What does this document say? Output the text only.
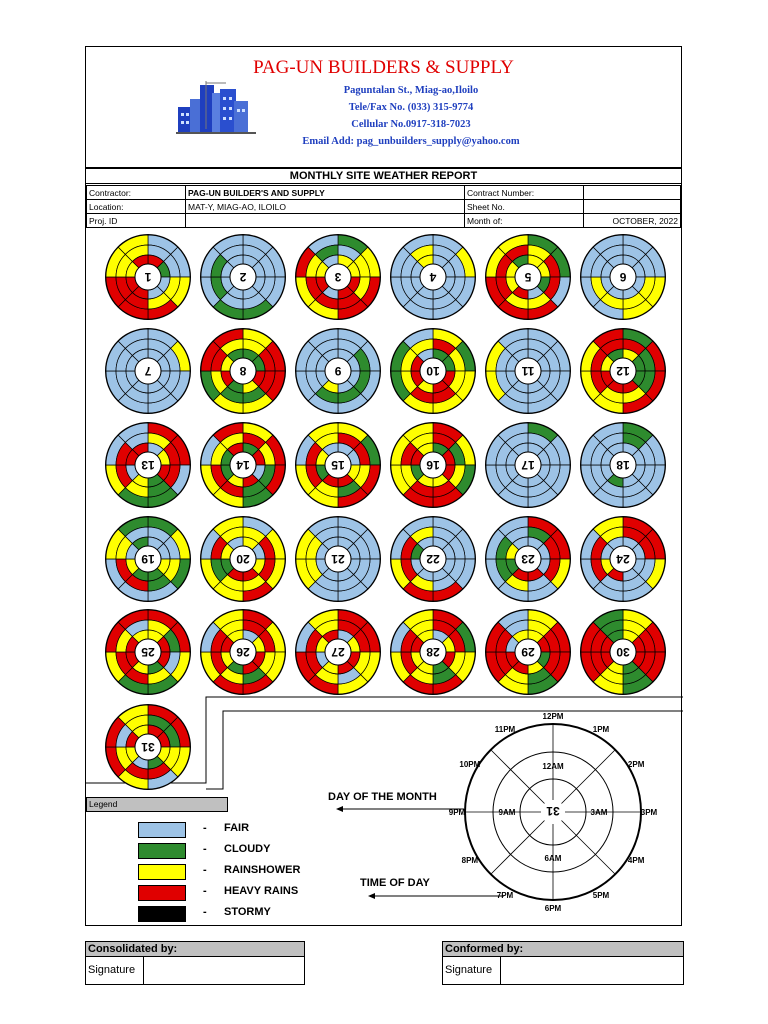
PAG-UN BUILDERS & SUPPLY
Paguntalan St., Miag-ao,Iloilo
Tele/Fax No. (033) 315-9774
Cellular No.0917-318-7023
Email Add: pag_unbuilders_supply@yahoo.com
MONTHLY SITE WEATHER REPORT
Contractor:	PAG-UN BUILDER'S AND SUPPLY	Contract Number:	
Location:	MAT-Y, MIAG-AO, ILOILO	Sheet No.	
Proj. ID		Month of:	OCTOBER, 2022
1	2	3	4	5	6
7	8	9	10	11	12
13	14	15	16	17	18
19	20	21	22	23	24
25	26	27	28	29	30
31
Legend
- FAIR
- CLOUDY
- RAINSHOWER
- HEAVY RAINS
- STORMY
DAY OF THE MONTH
TIME OF DAY
31
12PM
1PM
2PM
3PM
4PM
5PM
6PM
7PM
8PM
9PM
10PM
11PM
12AM
3AM
6AM
9AM
Consolidated by:
Signature
Conformed by:
Signature
